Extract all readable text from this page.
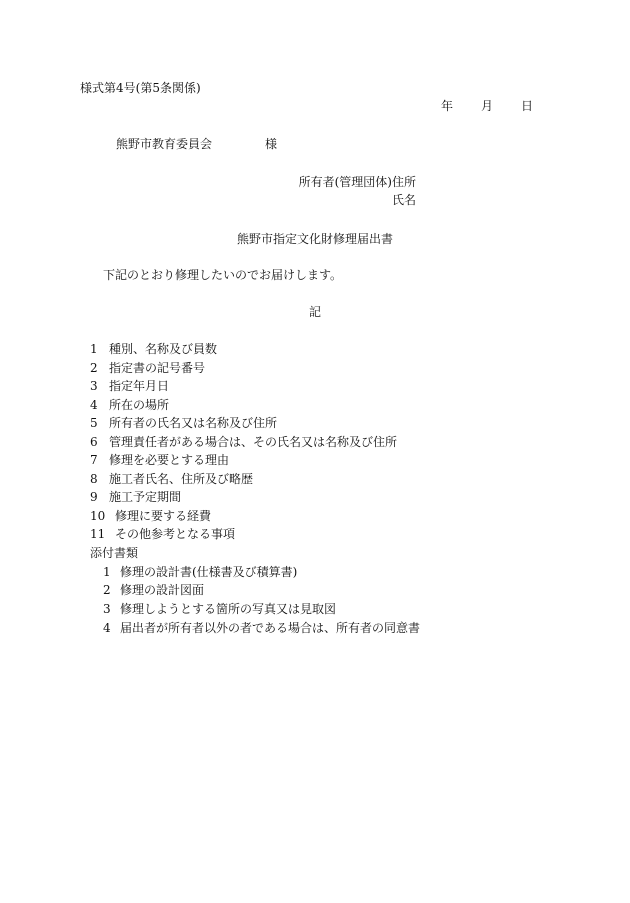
様式第4号(第5条関係)
年 月 日
熊野市教育委員会	様
所有者(管理団体)住所
氏名
熊野市指定文化財修理届出書
下記のとおり修理したいのでお届けします。
記
1 種別、名称及び員数
2 指定書の記号番号
3 指定年月日
4 所在の場所
5 所有者の氏名又は名称及び住所
6 管理責任者がある場合は、その氏名又は名称及び住所
7 修理を必要とする理由
8 施工者氏名、住所及び略歴
9 施工予定期間
10 修理に要する経費
11 その他参考となる事項
添付書類
1 修理の設計書(仕様書及び積算書)
2 修理の設計図面
3 修理しようとする箇所の写真又は見取図
4 届出者が所有者以外の者である場合は、所有者の同意書
